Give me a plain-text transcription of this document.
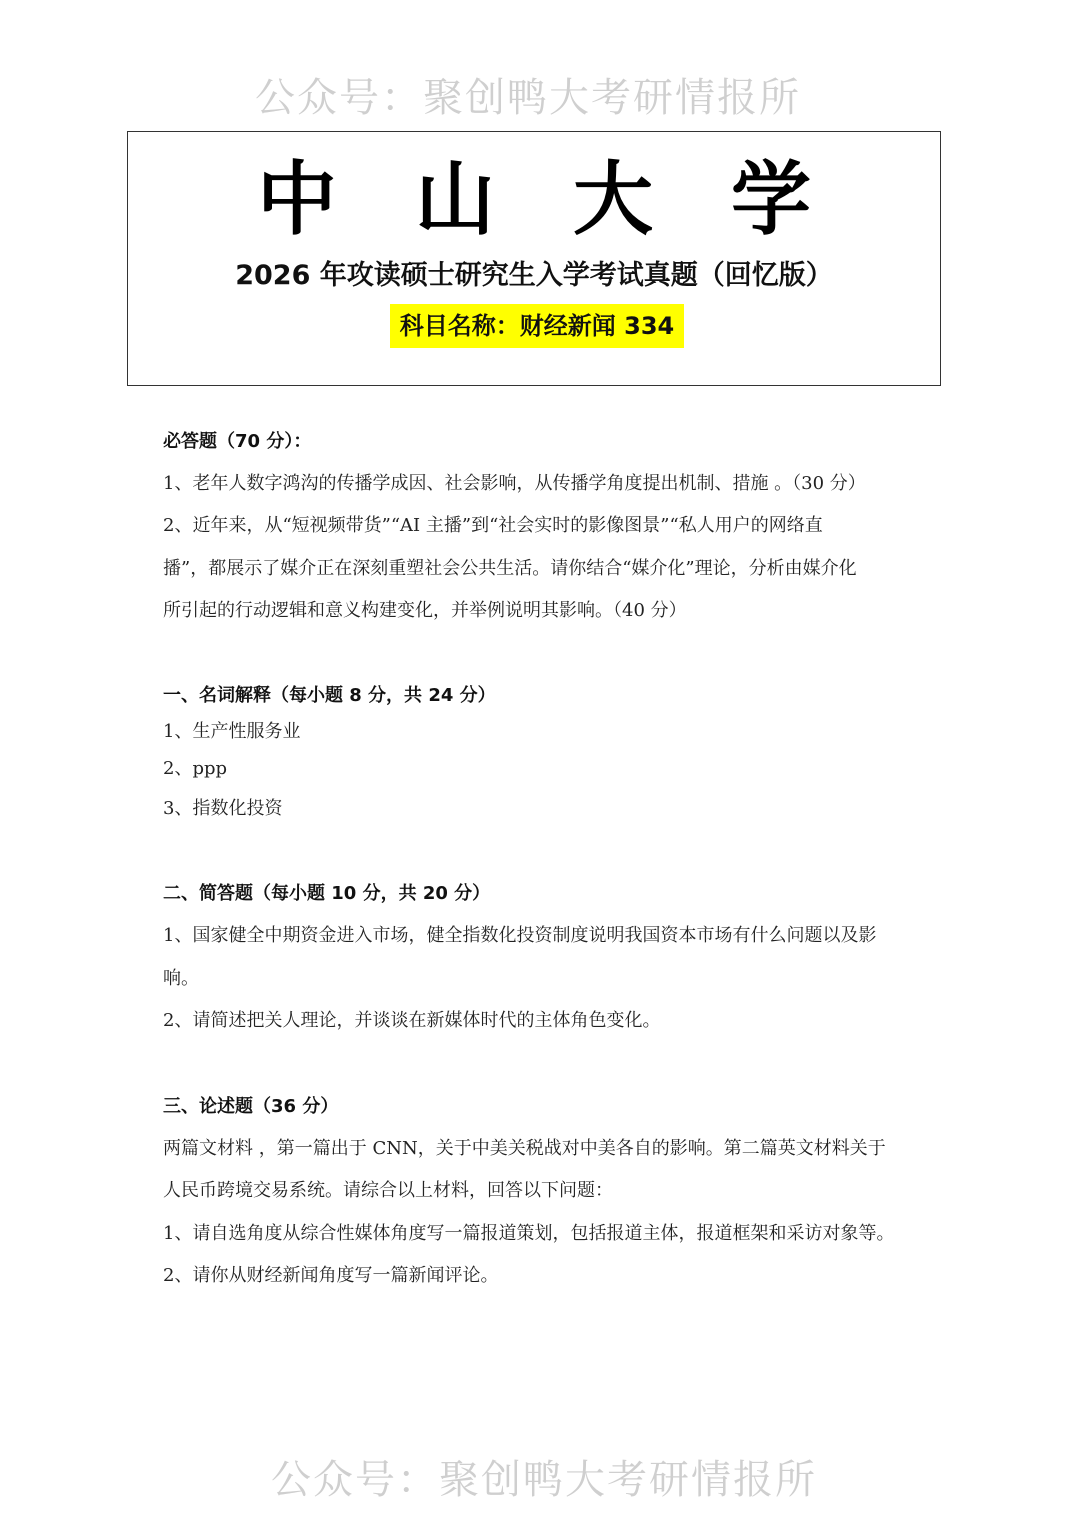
公众号：聚创鸭大考研情报所
中山大学
2026 年攻读硕士研究生入学考试真题（回忆版）
科目名称：财经新闻 334
必答题（70 分）：
1、老年人数字鸿沟的传播学成因、社会影响，从传播学角度提出机制、措施 。（30 分）
2、近年来，从“短视频带货”“AI 主播”到“社会实时的影像图景”“私人用户的网络直
播”，都展示了媒介正在深刻重塑社会公共生活。请你结合“媒介化”理论，分析由媒介化
所引起的行动逻辑和意义构建变化，并举例说明其影响。（40 分）
一、名词解释（每小题 8 分，共 24 分）
1、生产性服务业
2、ppp
3、指数化投资
二、简答题（每小题 10 分，共 20 分）
1、国家健全中期资金进入市场，健全指数化投资制度说明我国资本市场有什么问题以及影
响。
2、请简述把关人理论，并谈谈在新媒体时代的主体角色变化。
三、论述题（36 分）
两篇文材料 ，第一篇出于 CNN，关于中美关税战对中美各自的影响。第二篇英文材料关于
人民币跨境交易系统。请综合以上材料，回答以下问题：
1、请自选角度从综合性媒体角度写一篇报道策划，包括报道主体，报道框架和采访对象等。
2、请你从财经新闻角度写一篇新闻评论。
公众号：聚创鸭大考研情报所
